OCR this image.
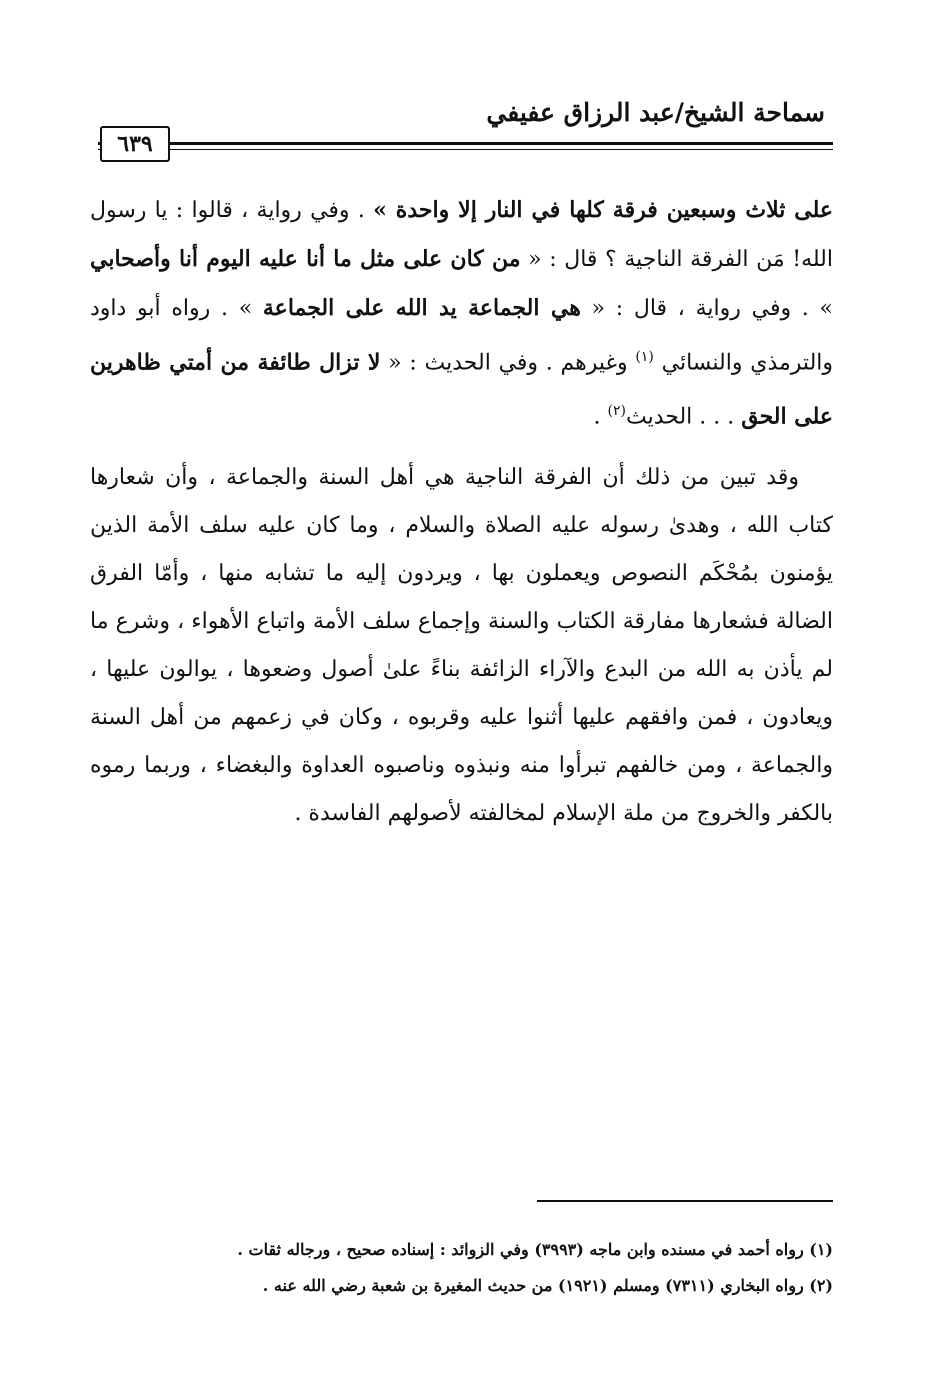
سماحة الشيخ/عبد الرزاق عفيفي
٦٣٩

على ثلاث وسبعين فرقة كلها في النار إلا واحدة » . وفي رواية ، قالوا : يا رسول الله! مَن الفرقة الناجية ؟ قال : « من كان على مثل ما أنا عليه اليوم أنا وأصحابي » . وفي رواية ، قال : « هي الجماعة يد الله على الجماعة » . رواه أبو داود والترمذي والنسائي $^{(١)}$ وغيرهم . وفي الحديث : « لا تزال طائفة من أمتي ظاهرين على الحق . . . الحديث$^{(٢)}$ .

وقد تبين من ذلك أن الفرقة الناجية هي أهل السنة والجماعة ، وأن شعارها كتاب الله ، وهدىٰ رسوله عليه الصلاة والسلام ، وما كان عليه سلف الأمة الذين يؤمنون بمُحْكَم النصوص ويعملون بها ، ويردون إليه ما تشابه منها ، وأمّا الفرق الضالة فشعارها مفارقة الكتاب والسنة وإجماع سلف الأمة واتباع الأهواء ، وشرع ما لم يأذن به الله من البدع والآراء الزائفة بناءً علىٰ أصول وضعوها ، يوالون عليها ، ويعادون ، فمن وافقهم عليها أثنوا عليه وقربوه ، وكان في زعمهم من أهل السنة والجماعة ، ومن خالفهم تبرأوا منه ونبذوه وناصبوه العداوة والبغضاء ، وربما رموه بالكفر والخروج من ملة الإسلام لمخالفته لأصولهم الفاسدة .

(١) رواه أحمد في مسنده وابن ماجه (٣٩٩٣) وفي الزوائد : إسناده صحيح ، ورجاله ثقات .
(٢) رواه البخاري (٧٣١١) ومسلم (١٩٢١) من حديث المغيرة بن شعبة رضي الله عنه .
